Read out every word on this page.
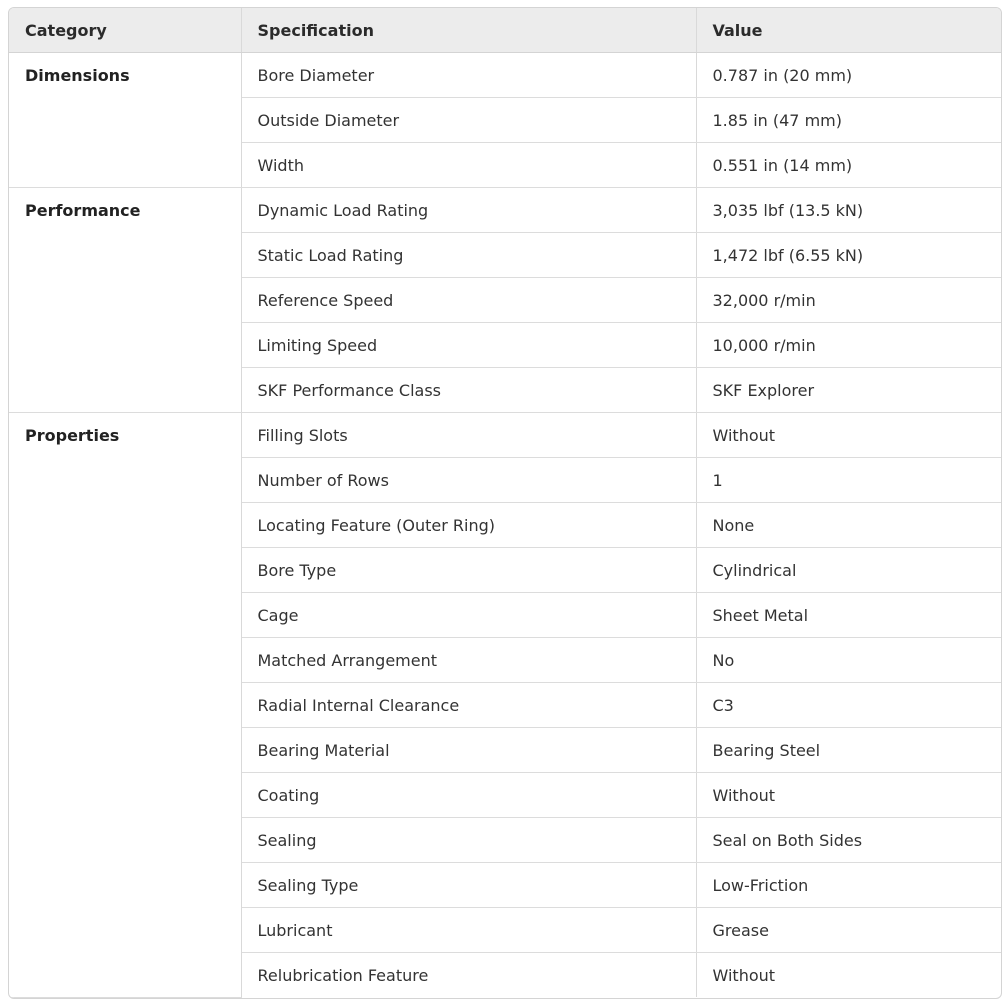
Category	Specification	Value
Dimensions	Bore Diameter	0.787 in (20 mm)
	Outside Diameter	1.85 in (47 mm)
	Width	0.551 in (14 mm)
Performance	Dynamic Load Rating	3,035 lbf (13.5 kN)
	Static Load Rating	1,472 lbf (6.55 kN)
	Reference Speed	32,000 r/min
	Limiting Speed	10,000 r/min
	SKF Performance Class	SKF Explorer
Properties	Filling Slots	Without
	Number of Rows	1
	Locating Feature (Outer Ring)	None
	Bore Type	Cylindrical
	Cage	Sheet Metal
	Matched Arrangement	No
	Radial Internal Clearance	C3
	Bearing Material	Bearing Steel
	Coating	Without
	Sealing	Seal on Both Sides
	Sealing Type	Low-Friction
	Lubricant	Grease
	Relubrication Feature	Without
